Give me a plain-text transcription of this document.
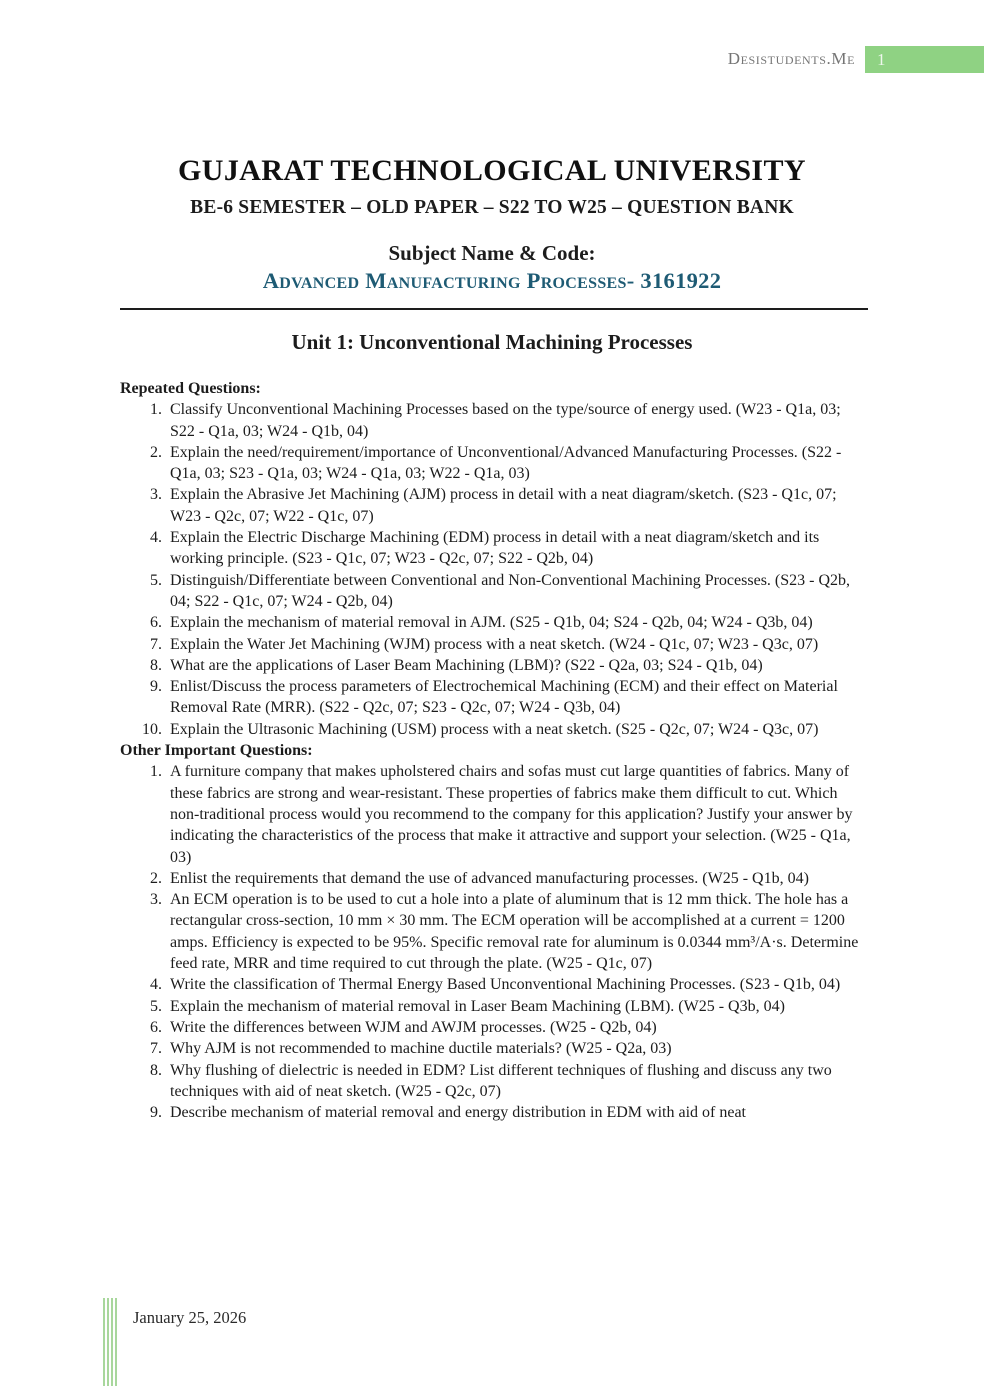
Desistudents.Me 1
GUJARAT TECHNOLOGICAL UNIVERSITY
BE-6 SEMESTER – OLD PAPER – S22 TO W25 – QUESTION BANK
Subject Name & Code:
Advanced Manufacturing Processes- 3161922
Unit 1: Unconventional Machining Processes
Repeated Questions:
1. Classify Unconventional Machining Processes based on the type/source of energy used. (W23 - Q1a, 03; S22 - Q1a, 03; W24 - Q1b, 04)
2. Explain the need/requirement/importance of Unconventional/Advanced Manufacturing Processes. (S22 - Q1a, 03; S23 - Q1a, 03; W24 - Q1a, 03; W22 - Q1a, 03)
3. Explain the Abrasive Jet Machining (AJM) process in detail with a neat diagram/sketch. (S23 - Q1c, 07; W23 - Q2c, 07; W22 - Q1c, 07)
4. Explain the Electric Discharge Machining (EDM) process in detail with a neat diagram/sketch and its working principle. (S23 - Q1c, 07; W23 - Q2c, 07; S22 - Q2b, 04)
5. Distinguish/Differentiate between Conventional and Non-Conventional Machining Processes. (S23 - Q2b, 04; S22 - Q1c, 07; W24 - Q2b, 04)
6. Explain the mechanism of material removal in AJM. (S25 - Q1b, 04; S24 - Q2b, 04; W24 - Q3b, 04)
7. Explain the Water Jet Machining (WJM) process with a neat sketch. (W24 - Q1c, 07; W23 - Q3c, 07)
8. What are the applications of Laser Beam Machining (LBM)? (S22 - Q2a, 03; S24 - Q1b, 04)
9. Enlist/Discuss the process parameters of Electrochemical Machining (ECM) and their effect on Material Removal Rate (MRR). (S22 - Q2c, 07; S23 - Q2c, 07; W24 - Q3b, 04)
10. Explain the Ultrasonic Machining (USM) process with a neat sketch. (S25 - Q2c, 07; W24 - Q3c, 07)
Other Important Questions:
1. A furniture company that makes upholstered chairs and sofas must cut large quantities of fabrics. Many of these fabrics are strong and wear-resistant. These properties of fabrics make them difficult to cut. Which non-traditional process would you recommend to the company for this application? Justify your answer by indicating the characteristics of the process that make it attractive and support your selection. (W25 - Q1a, 03)
2. Enlist the requirements that demand the use of advanced manufacturing processes. (W25 - Q1b, 04)
3. An ECM operation is to be used to cut a hole into a plate of aluminum that is 12 mm thick. The hole has a rectangular cross-section, 10 mm × 30 mm. The ECM operation will be accomplished at a current = 1200 amps. Efficiency is expected to be 95%. Specific removal rate for aluminum is 0.0344 mm³/A·s. Determine feed rate, MRR and time required to cut through the plate. (W25 - Q1c, 07)
4. Write the classification of Thermal Energy Based Unconventional Machining Processes. (S23 - Q1b, 04)
5. Explain the mechanism of material removal in Laser Beam Machining (LBM). (W25 - Q3b, 04)
6. Write the differences between WJM and AWJM processes. (W25 - Q2b, 04)
7. Why AJM is not recommended to machine ductile materials? (W25 - Q2a, 03)
8. Why flushing of dielectric is needed in EDM? List different techniques of flushing and discuss any two techniques with aid of neat sketch. (W25 - Q2c, 07)
9. Describe mechanism of material removal and energy distribution in EDM with aid of neat
January 25, 2026
